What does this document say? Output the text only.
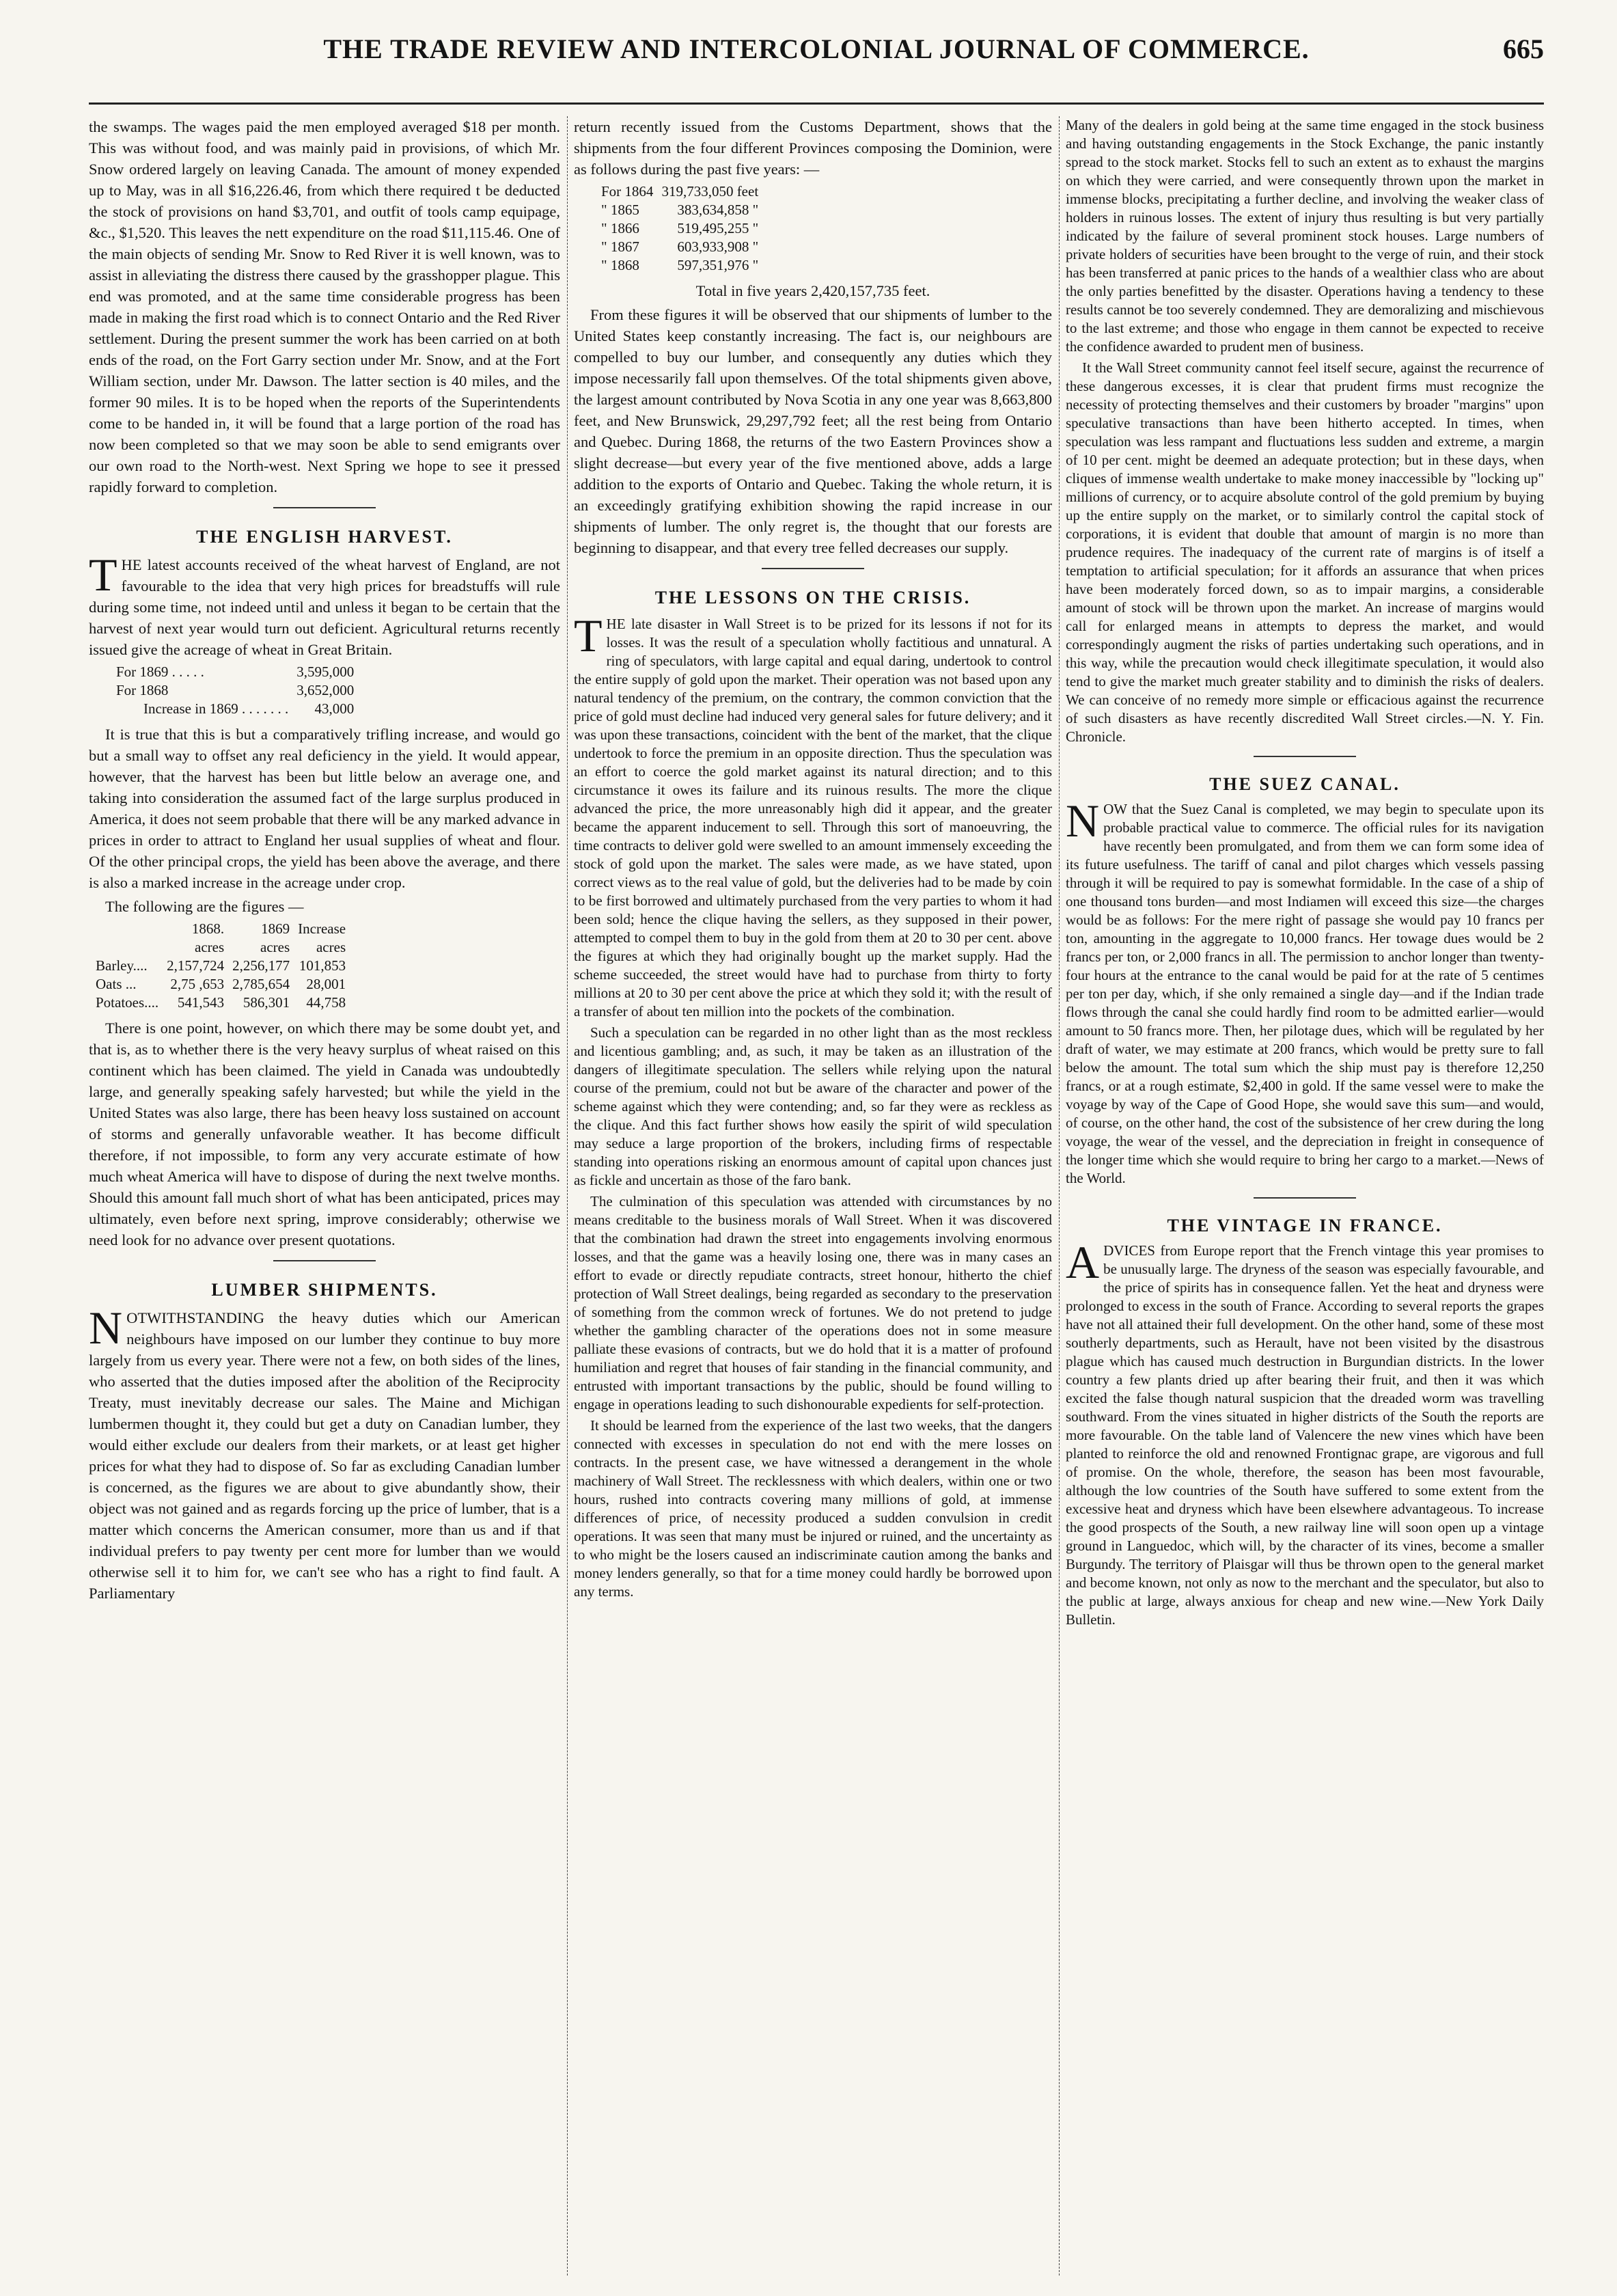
THE TRADE REVIEW AND INTERCOLONIAL JOURNAL OF COMMERCE.	665

the swamps. The wages paid the men employed averaged $18 per month. This was without food, and was mainly paid in provisions, of which Mr. Snow ordered largely on leaving Canada. The amount of money expended up to May, was in all $16,226.46, from which there required t be deducted the stock of provisions on hand $3,701, and outfit of tools camp equipage, &c., $1,520. This leaves the nett expenditure on the road $11,115.46. One of the main objects of sending Mr. Snow to Red River it is well known, was to assist in alleviating the distress there caused by the grasshopper plague. This end was promoted, and at the same time considerable progress has been made in making the first road which is to connect Ontario and the Red River settlement. During the present summer the work has been carried on at both ends of the road, on the Fort Garry section under Mr. Snow, and at the Fort William section, under Mr. Dawson. The latter section is 40 miles, and the former 90 miles. It is to be hoped when the reports of the Superintendents come to be handed in, it will be found that a large portion of the road has now been completed so that we may soon be able to send emigrants over our own road to the North-west. Next Spring we hope to see it pressed rapidly forward to completion.

THE ENGLISH HARVEST.

THE latest accounts received of the wheat harvest of England, are not favourable to the idea that very high prices for breadstuffs will rule during some time, not indeed until and unless it began to be certain that the harvest of next year would turn out deficient. Agricultural returns recently issued give the acreage of wheat in Great Britain.

For 1869 . . . . .	3,595,000
For 1868	3,652,000
Increase in 1869 . . . . . . .	43,000

It is true that this is but a comparatively trifling increase, and would go but a small way to offset any real deficiency in the yield. It would appear, however, that the harvest has been but little below an average one, and taking into consideration the assumed fact of the large surplus produced in America, it does not seem probable that there will be any marked advance in prices in order to attract to England her usual supplies of wheat and flour. Of the other principal crops, the yield has been above the average, and there is also a marked increase in the acreage under crop.

The following are the figures —

	1868.	1869	Increase
	acres	acres	acres
Barley....	2,157,724	2,256,177	101,853
Oats ...	2,75 ,653	2,785,654	28,001
Potatoes....	541,543	586,301	44,758

There is one point, however, on which there may be some doubt yet, and that is, as to whether there is the very heavy surplus of wheat raised on this continent which has been claimed. The yield in Canada was undoubtedly large, and generally speaking safely harvested; but while the yield in the United States was also large, there has been heavy loss sustained on account of storms and generally unfavorable weather. It has become difficult therefore, if not impossible, to form any very accurate estimate of how much wheat America will have to dispose of during the next twelve months. Should this amount fall much short of what has been anticipated, prices may ultimately, even before next spring, improve considerably; otherwise we need look for no advance over present quotations.

LUMBER SHIPMENTS.

NOTWITHSTANDING the heavy duties which our American neighbours have imposed on our lumber they continue to buy more largely from us every year. There were not a few, on both sides of the lines, who asserted that the duties imposed after the abolition of the Reciprocity Treaty, must inevitably decrease our sales. The Maine and Michigan lumbermen thought it, they could but get a duty on Canadian lumber, they would either exclude our dealers from their markets, or at least get higher prices for what they had to dispose of. So far as excluding Canadian lumber is concerned, as the figures we are about to give abundantly show, their object was not gained and as regards forcing up the price of lumber, that is a matter which concerns the American consumer, more than us and if that individual prefers to pay twenty per cent more for lumber than we would otherwise sell it to him for, we can't see who has a right to find fault. A Parliamentary

return recently issued from the Customs Department, shows that the shipments from the four different Provinces composing the Dominion, were as follows during the past five years: —

For 1864	319,733,050 feet
" 1865	383,634,858 "
" 1866	519,495,255 "
" 1867	603,933,908 "
" 1868	597,351,976 "

Total in five years 2,420,157,735 feet.

From these figures it will be observed that our shipments of lumber to the United States keep constantly increasing. The fact is, our neighbours are compelled to buy our lumber, and consequently any duties which they impose necessarily fall upon themselves. Of the total shipments given above, the largest amount contributed by Nova Scotia in any one year was 8,663,800 feet, and New Brunswick, 29,297,792 feet; all the rest being from Ontario and Quebec. During 1868, the returns of the two Eastern Provinces show a slight decrease—but every year of the five mentioned above, adds a large addition to the exports of Ontario and Quebec. Taking the whole return, it is an exceedingly gratifying exhibition showing the rapid increase in our shipments of lumber. The only regret is, the thought that our forests are beginning to disappear, and that every tree felled decreases our supply.

THE LESSONS ON THE CRISIS.

THE late disaster in Wall Street is to be prized for its lessons if not for its losses. It was the result of a speculation wholly factitious and unnatural. A ring of speculators, with large capital and equal daring, undertook to control the entire supply of gold upon the market. Their operation was not based upon any natural tendency of the premium, on the contrary, the common conviction that the price of gold must decline had induced very general sales for future delivery; and it was upon these transactions, coincident with the bent of the market, that the clique undertook to force the premium in an opposite direction. Thus the speculation was an effort to coerce the gold market against its natural direction; and to this circumstance it owes its failure and its ruinous results. The more the clique advanced the price, the more unreasonably high did it appear, and the greater became the apparent inducement to sell. Through this sort of manoeuvring, the time contracts to deliver gold were swelled to an amount immensely exceeding the stock of gold upon the market. The sales were made, as we have stated, upon correct views as to the real value of gold, but the deliveries had to be made by coin to be first borrowed and ultimately purchased from the very parties to whom it had been sold; hence the clique having the sellers, as they supposed in their power, attempted to compel them to buy in the gold from them at 20 to 30 per cent. above the figures at which they had originally bought up the market supply. Had the scheme succeeded, the street would have had to purchase from thirty to forty millions at 20 to 30 per cent above the price at which they sold it; with the result of a transfer of about ten million into the pockets of the combination.

Such a speculation can be regarded in no other light than as the most reckless and licentious gambling; and, as such, it may be taken as an illustration of the dangers of illegitimate speculation. The sellers while relying upon the natural course of the premium, could not but be aware of the character and power of the scheme against which they were contending; and, so far they were as reckless as the clique. And this fact further shows how easily the spirit of wild speculation may seduce a large proportion of the brokers, including firms of respectable standing into operations risking an enormous amount of capital upon chances just as fickle and uncertain as those of the faro bank.

The culmination of this speculation was attended with circumstances by no means creditable to the business morals of Wall Street. When it was discovered that the combination had drawn the street into engagements involving enormous losses, and that the game was a heavily losing one, there was in many cases an effort to evade or directly repudiate contracts, street honour, hitherto the chief protection of Wall Street dealings, being regarded as secondary to the preservation of something from the common wreck of fortunes. We do not pretend to judge whether the gambling character of the operations does not in some measure palliate these evasions of contracts, but we do hold that it is a matter of profound humiliation and regret that houses of fair standing in the financial community, and entrusted with important transactions by the public, should be found willing to engage in operations leading to such dishonourable expedients for self-protection.

It should be learned from the experience of the last two weeks, that the dangers connected with excesses in speculation do not end with the mere losses on contracts. In the present case, we have witnessed a derangement in the whole machinery of Wall Street. The recklessness with which dealers, within one or two hours, rushed into contracts covering many millions of gold, at immense differences of price, of necessity produced a sudden convulsion in credit operations. It was seen that many must be injured or ruined, and the uncertainty as to who might be the losers caused an indiscriminate caution among the banks and money lenders generally, so that for a time money could hardly be borrowed upon any terms.

Many of the dealers in gold being at the same time engaged in the stock business and having outstanding engagements in the Stock Exchange, the panic instantly spread to the stock market. Stocks fell to such an extent as to exhaust the margins on which they were carried, and were consequently thrown upon the market in immense blocks, precipitating a further decline, and involving the weaker class of holders in ruinous losses. The extent of injury thus resulting is but very partially indicated by the failure of several prominent stock houses. Large numbers of private holders of securities have been brought to the verge of ruin, and their stock has been transferred at panic prices to the hands of a wealthier class who are about the only parties benefitted by the disaster. Operations having a tendency to these results cannot be too severely condemned. They are demoralizing and mischievous to the last extreme; and those who engage in them cannot be expected to receive the confidence awarded to prudent men of business.

It the Wall Street community cannot feel itself secure, against the recurrence of these dangerous excesses, it is clear that prudent firms must recognize the necessity of protecting themselves and their customers by broader "margins" upon speculative transactions than have been hitherto accepted. In times, when speculation was less rampant and fluctuations less sudden and extreme, a margin of 10 per cent. might be deemed an adequate protection; but in these days, when cliques of immense wealth undertake to make money inaccessible by "locking up" millions of currency, or to acquire absolute control of the gold premium by buying up the entire supply on the market, or to similarly control the capital stock of corporations, it is evident that double that amount of margin is no more than prudence requires. The inadequacy of the current rate of margins is of itself a temptation to artificial speculation; for it affords an assurance that when prices have been moderately forced down, so as to impair margins, a considerable amount of stock will be thrown upon the market. An increase of margins would call for enlarged means in attempts to depress the market, and would correspondingly augment the risks of parties undertaking such operations, and in this way, while the precaution would check illegitimate speculation, it would also tend to give the market much greater stability and to diminish the risks of dealers. We can conceive of no remedy more simple or efficacious against the recurrence of such disasters as have recently discredited Wall Street circles.—N. Y. Fin. Chronicle.

THE SUEZ CANAL.

NOW that the Suez Canal is completed, we may begin to speculate upon its probable practical value to commerce. The official rules for its navigation have recently been promulgated, and from them we can form some idea of its future usefulness. The tariff of canal and pilot charges which vessels passing through it will be required to pay is somewhat formidable. In the case of a ship of one thousand tons burden—and most Indiamen will exceed this size—the charges would be as follows: For the mere right of passage she would pay 10 francs per ton, amounting in the aggregate to 10,000 francs. Her towage dues would be 2 francs per ton, or 2,000 francs in all. The permission to anchor longer than twenty-four hours at the entrance to the canal would be paid for at the rate of 5 centimes per ton per day, which, if she only remained a single day—and if the Indian trade flows through the canal she could hardly find room to be admitted earlier—would amount to 50 francs more. Then, her pilotage dues, which will be regulated by her draft of water, we may estimate at 200 francs, which would be pretty sure to fall below the amount. The total sum which the ship must pay is therefore 12,250 francs, or at a rough estimate, $2,400 in gold. If the same vessel were to make the voyage by way of the Cape of Good Hope, she would save this sum—and would, of course, on the other hand, the cost of the subsistence of her crew during the long voyage, the wear of the vessel, and the depreciation in freight in consequence of the longer time which she would require to bring her cargo to a market.—News of the World.

THE VINTAGE IN FRANCE.

ADVICES from Europe report that the French vintage this year promises to be unusually large. The dryness of the season was especially favourable, and the price of spirits has in consequence fallen. Yet the heat and dryness were prolonged to excess in the south of France. According to several reports the grapes have not all attained their full development. On the other hand, some of these most southerly departments, such as Herault, have not been visited by the disastrous plague which has caused much destruction in Burgundian districts. In the lower country a few plants dried up after bearing their fruit, and then it was which excited the false though natural suspicion that the dreaded worm was travelling southward. From the vines situated in higher districts of the South the reports are more favourable. On the table land of Valencere the new vines which have been planted to reinforce the old and renowned Frontignac grape, are vigorous and full of promise. On the whole, therefore, the season has been most favourable, although the low countries of the South have suffered to some extent from the excessive heat and dryness which have been elsewhere advantageous. To increase the good prospects of the South, a new railway line will soon open up a vintage ground in Languedoc, which will, by the character of its vines, become a smaller Burgundy. The territory of Plaisgar will thus be thrown open to the general market and become known, not only as now to the merchant and the speculator, but also to the public at large, always anxious for cheap and new wine.—New York Daily Bulletin.
